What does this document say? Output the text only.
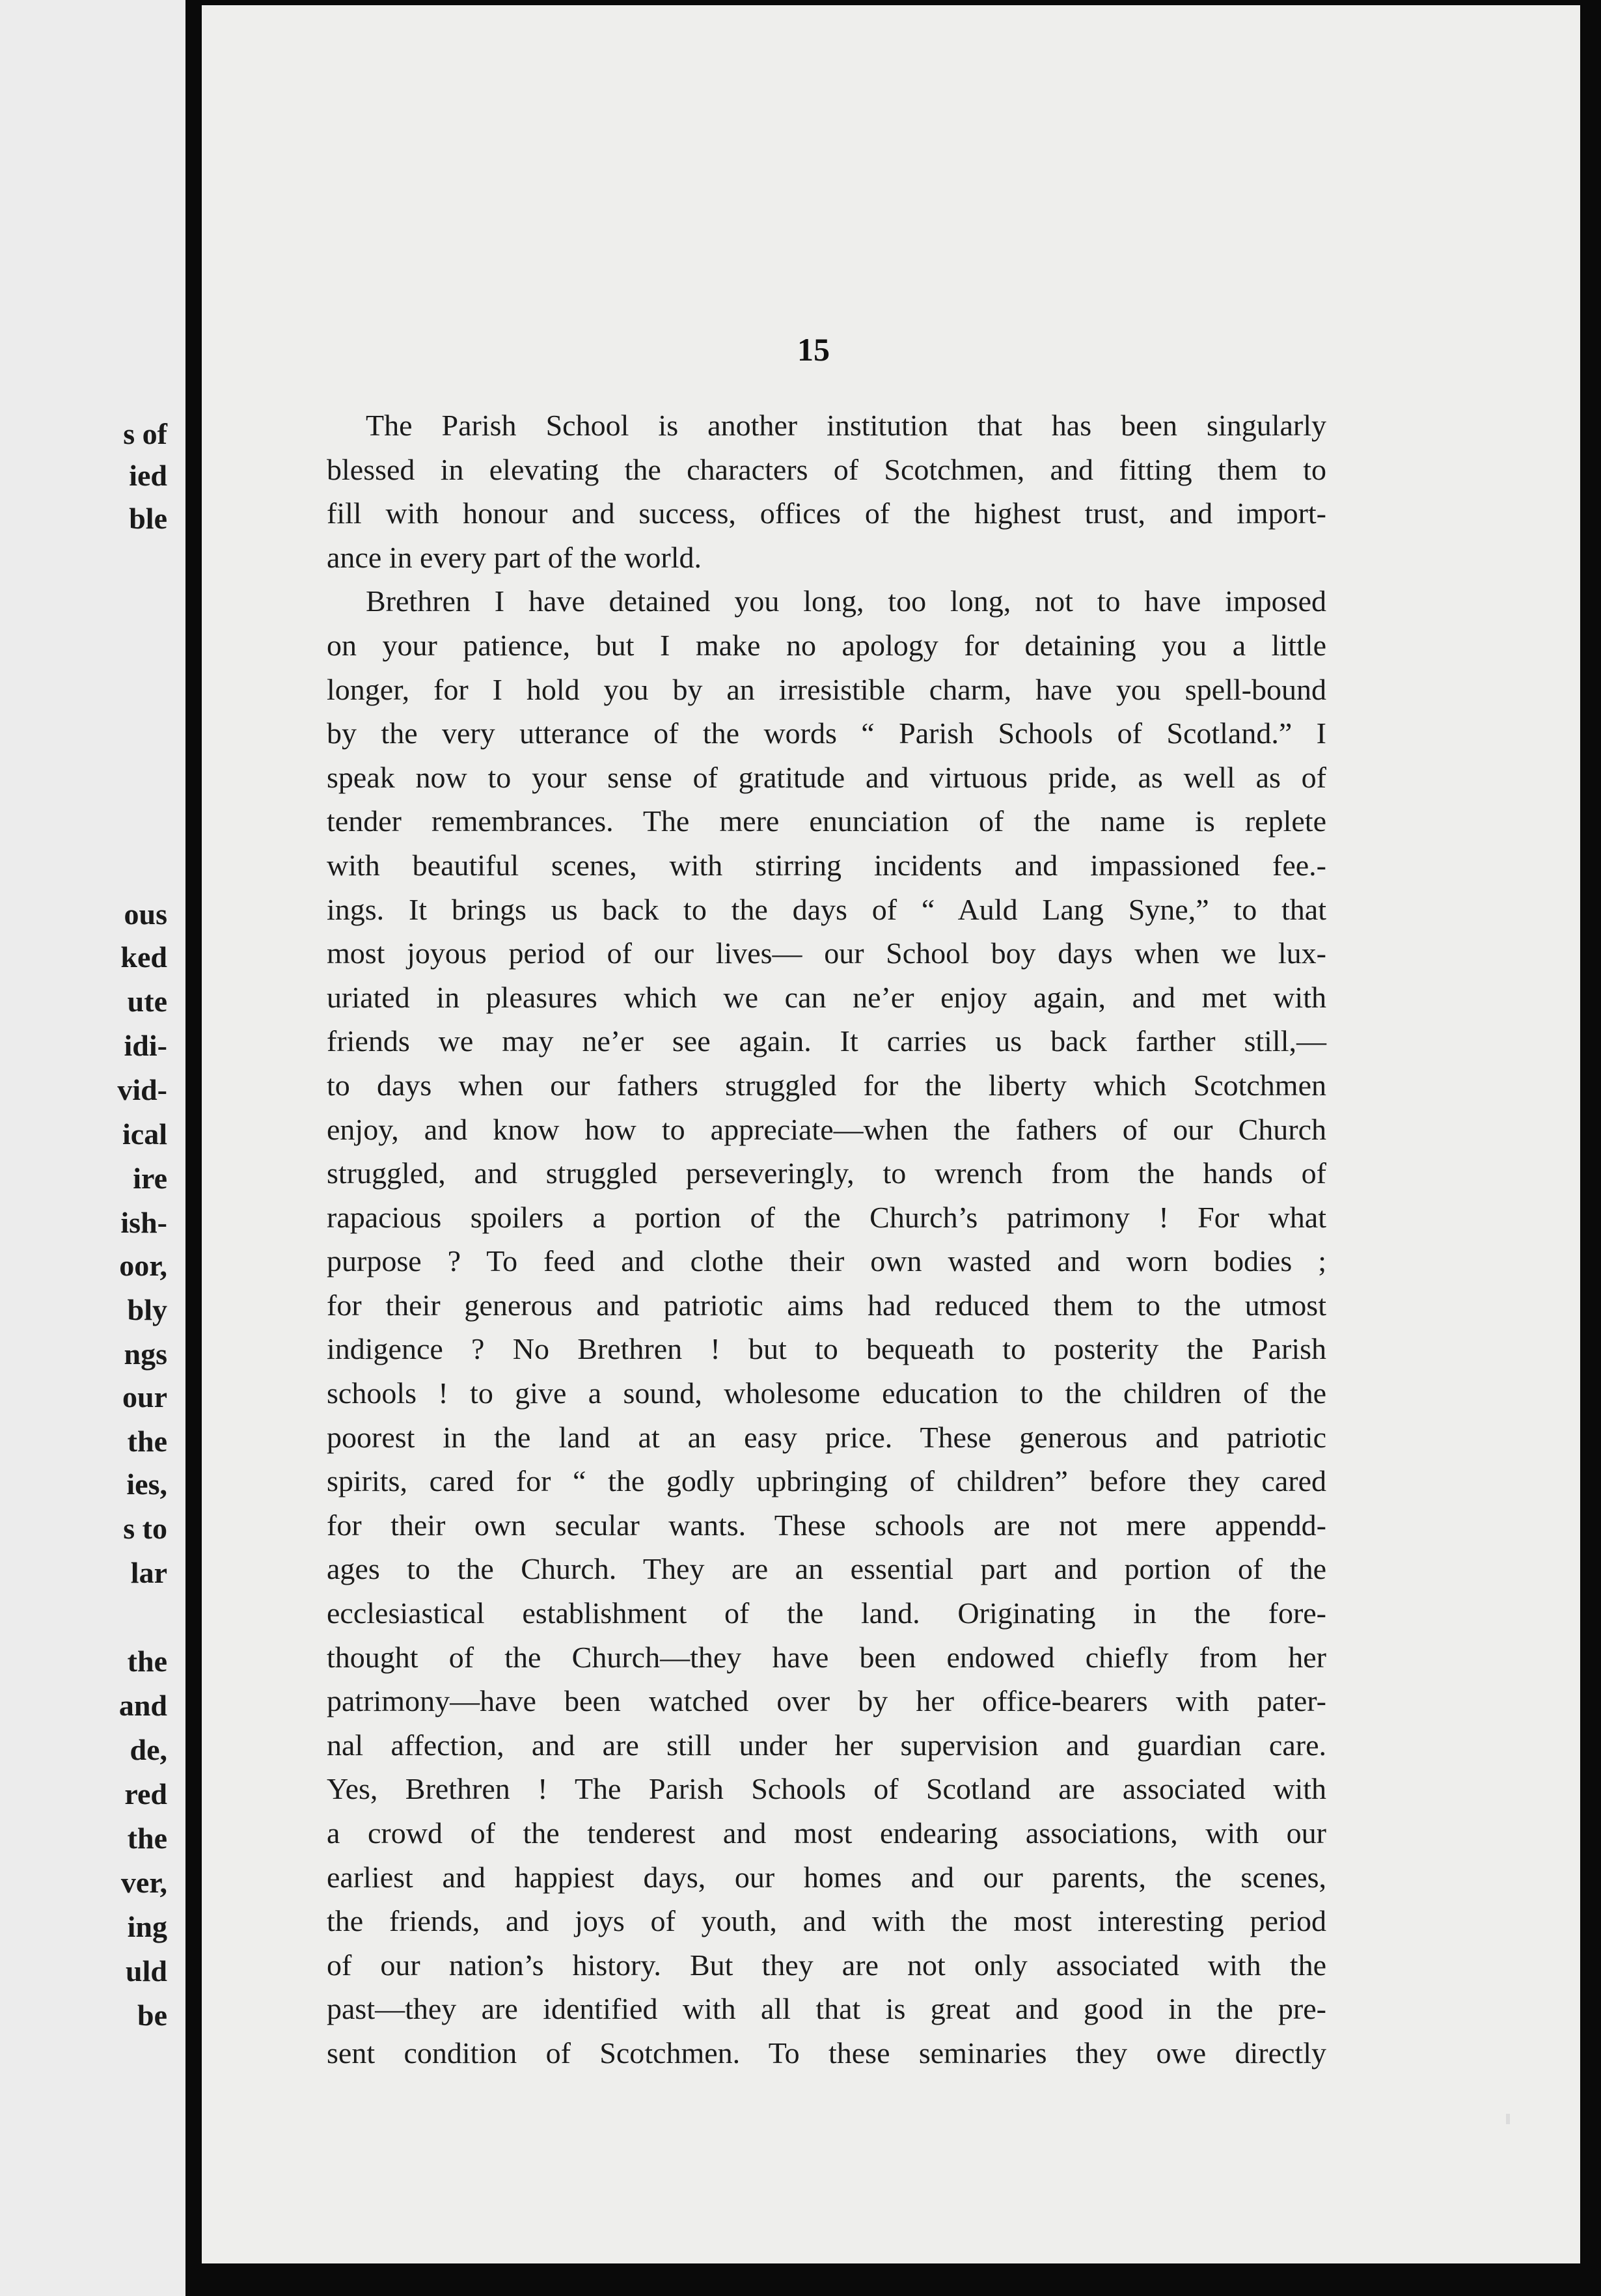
s of

ied

ble

ous

ked

ute

idi-

vid-

ical

ire

ish-

oor,

bly

ngs

our

the

ies,

s to

lar

the

and

de,

red

the

ver,

ing

uld

be

15

The Parish School is another institution that has been singularly
blessed in elevating the characters of Scotchmen, and fitting them to
fill with honour and success, offices of the highest trust, and import-
ance in every part of the world.
Brethren I have detained you long, too long, not to have imposed
on your patience, but I make no apology for detaining you a little
longer, for I hold you by an irresistible charm, have you spell-bound
by the very utterance of the words “ Parish Schools of Scotland.” I
speak now to your sense of gratitude and virtuous pride, as well as of
tender remembrances. The mere enunciation of the name is replete
with beautiful scenes, with stirring incidents and impassioned fee.-
ings. It brings us back to the days of “ Auld Lang Syne,” to that
most joyous period of our lives— our School boy days when we lux-
uriated in pleasures which we can ne’er enjoy again, and met with
friends we may ne’er see again. It carries us back farther still,—
to days when our fathers struggled for the liberty which Scotchmen
enjoy, and know how to appreciate—when the fathers of our Church
struggled, and struggled perseveringly, to wrench from the hands of
rapacious spoilers a portion of the Church’s patrimony ! For what
purpose ? To feed and clothe their own wasted and worn bodies ;
for their generous and patriotic aims had reduced them to the utmost
indigence ? No Brethren ! but to bequeath to posterity the Parish
schools ! to give a sound, wholesome education to the children of the
poorest in the land at an easy price. These generous and patriotic
spirits, cared for “ the godly upbringing of children” before they cared
for their own secular wants. These schools are not mere appendd-
ages to the Church. They are an essential part and portion of the
ecclesiastical establishment of the land. Originating in the fore-
thought of the Church—they have been endowed chiefly from her
patrimony—have been watched over by her office-bearers with pater-
nal affection, and are still under her supervision and guardian care.
Yes, Brethren ! The Parish Schools of Scotland are associated with
a crowd of the tenderest and most endearing associations, with our
earliest and happiest days, our homes and our parents, the scenes,
the friends, and joys of youth, and with the most interesting period
of our nation’s history. But they are not only associated with the
past—they are identified with all that is great and good in the pre-
sent condition of Scotchmen. To these seminaries they owe directly
